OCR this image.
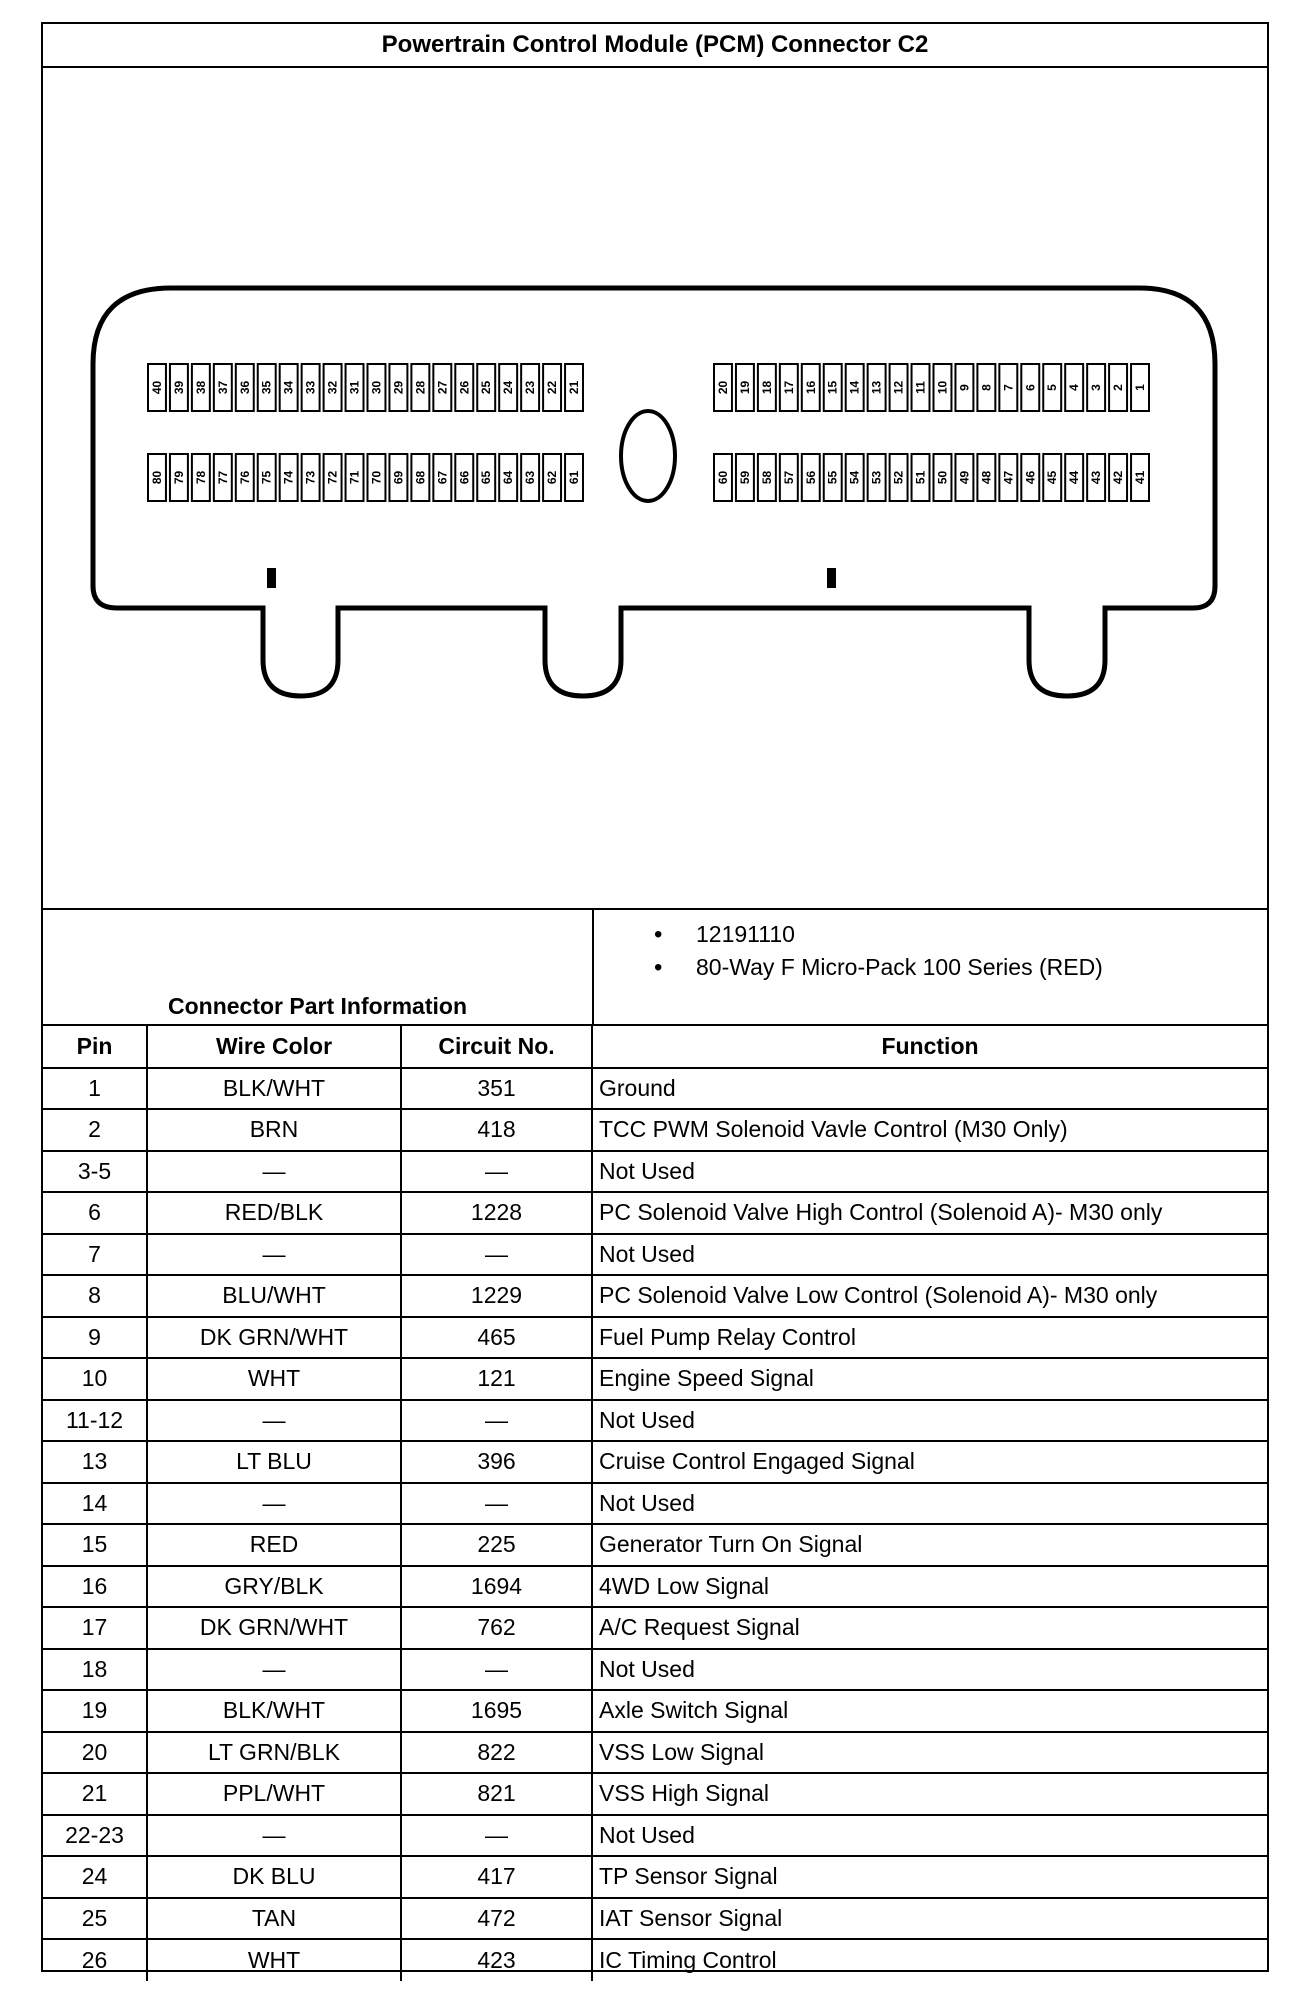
Powertrain Control Module (PCM) Connector C2
40 39 38 37 36 35 34 33 32 31 30 29 28 27 26 25 24 23 22 21
80 79 78 77 76 75 74 73 72 71 70 69 68 67 66 65 64 63 62 61
20 19 18 17 16 15 14 13 12 11 10 9 8 7 6 5 4 3 2 1
60 59 58 57 56 55 54 53 52 51 50 49 48 47 46 45 44 43 42 41
Connector Part Information
• 12191110
• 80-Way F Micro-Pack 100 Series (RED)
Pin	Wire Color	Circuit No.	Function
1	BLK/WHT	351	Ground
2	BRN	418	TCC PWM Solenoid Vavle Control (M30 Only)
3-5	—	—	Not Used
6	RED/BLK	1228	PC Solenoid Valve High Control (Solenoid A)- M30 only
7	—	—	Not Used
8	BLU/WHT	1229	PC Solenoid Valve Low Control (Solenoid A)- M30 only
9	DK GRN/WHT	465	Fuel Pump Relay Control
10	WHT	121	Engine Speed Signal
11-12	—	—	Not Used
13	LT BLU	396	Cruise Control Engaged Signal
14	—	—	Not Used
15	RED	225	Generator Turn On Signal
16	GRY/BLK	1694	4WD Low Signal
17	DK GRN/WHT	762	A/C Request Signal
18	—	—	Not Used
19	BLK/WHT	1695	Axle Switch Signal
20	LT GRN/BLK	822	VSS Low Signal
21	PPL/WHT	821	VSS High Signal
22-23	—	—	Not Used
24	DK BLU	417	TP Sensor Signal
25	TAN	472	IAT Sensor Signal
26	WHT	423	IC Timing Control
